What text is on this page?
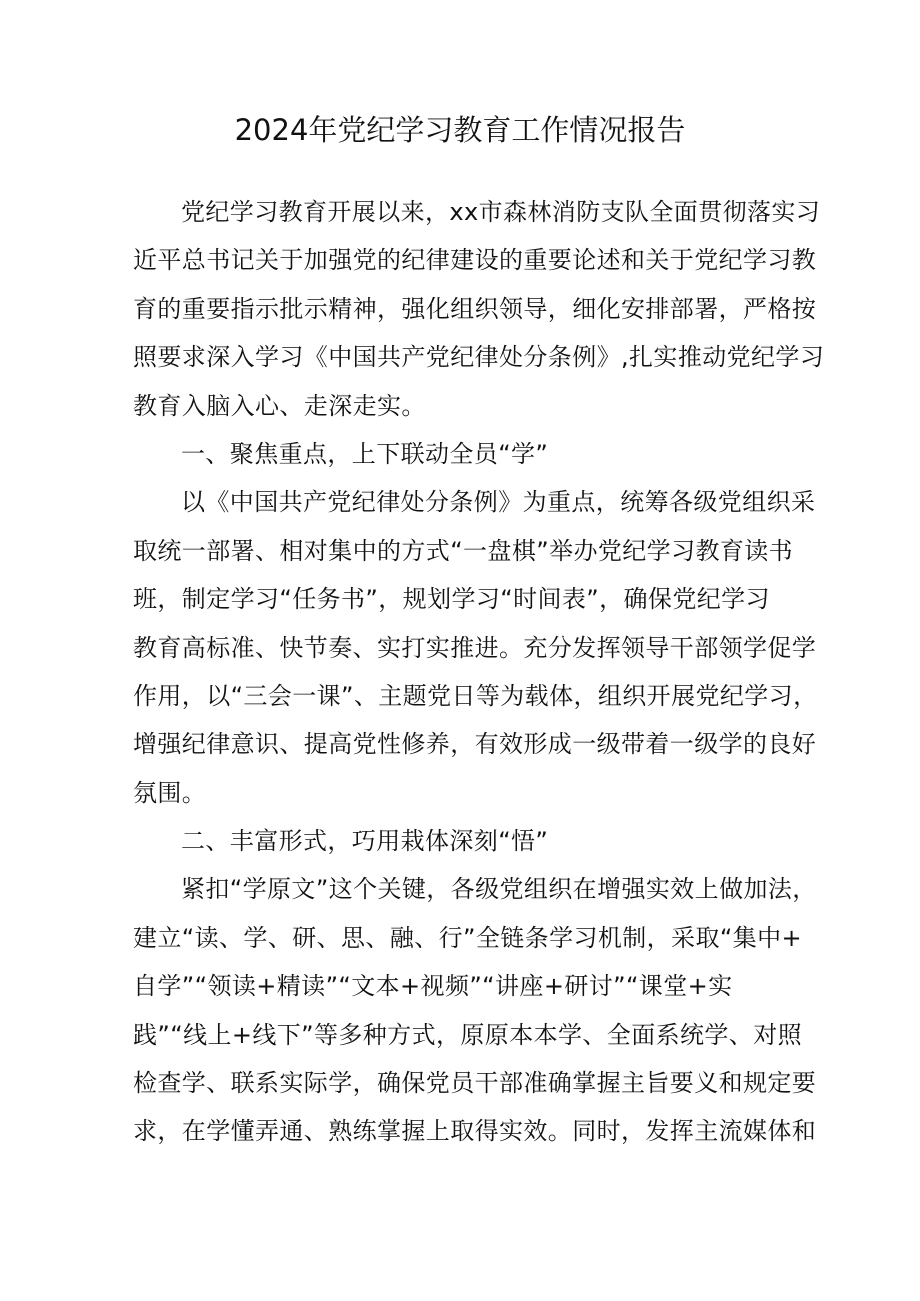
2024年党纪学习教育工作情况报告
党纪学习教育开展以来，xx市森林消防支队全面贯彻落实习
近平总书记关于加强党的纪律建设的重要论述和关于党纪学习教
育的重要指示批示精神，强化组织领导，细化安排部署，严格按
照要求深入学习《中国共产党纪律处分条例》,扎实推动党纪学习
教育入脑入心、走深走实。
一、聚焦重点，上下联动全员“学”
以《中国共产党纪律处分条例》为重点，统筹各级党组织采
取统一部署、相对集中的方式“一盘棋”举办党纪学习教育读书
班，制定学习“任务书”，规划学习“时间表”，确保党纪学习
教育高标准、快节奏、实打实推进。充分发挥领导干部领学促学
作用，以“三会一课”、主题党日等为载体，组织开展党纪学习，
增强纪律意识、提高党性修养，有效形成一级带着一级学的良好
氛围。
二、丰富形式，巧用栽体深刻“悟”
紧扣“学原文”这个关键，各级党组织在增强实效上做加法，
建立“读、学、研、思、融、行”全链条学习机制，采取“集中+
自学”“领读+精读”“文本+视频”“讲座+研讨”“课堂+实
践”“线上+线下”等多种方式，原原本本学、全面系统学、对照
检查学、联系实际学，确保党员干部准确掌握主旨要义和规定要
求，在学懂弄通、熟练掌握上取得实效。同时，发挥主流媒体和
